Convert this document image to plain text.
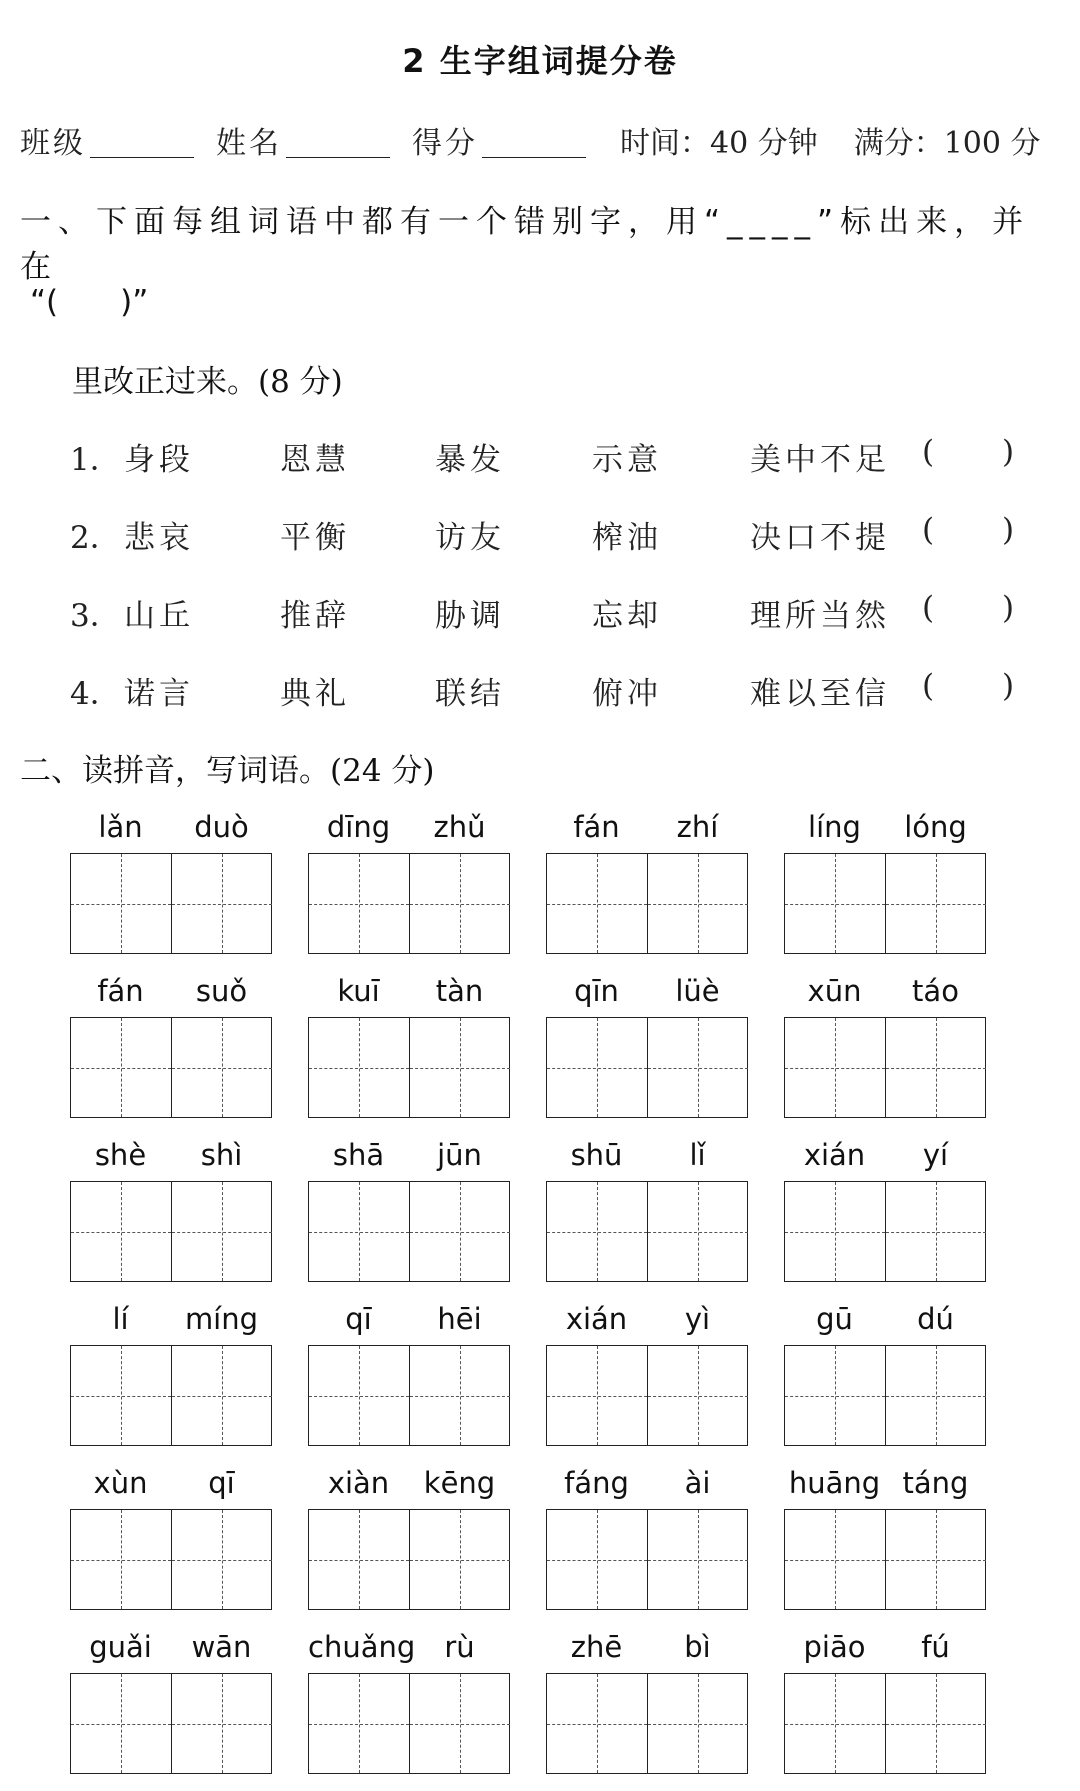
2 生字组词提分卷
班级	姓名	得分	时间：40 分钟 满分：100 分
一、下面每组词语中都有一个错别字，用“____”标出来，并在
“(　　)”
里改正过来。(8 分)
1． 身段	恩慧	暴发	示意	美中不足 ( )
2． 悲哀	平衡	访友	榨油	决口不提 ( )
3． 山丘	推辞	胁调	忘却	理所当然 ( )
4． 诺言	典礼	联结	俯冲	难以至信 ( )
二、读拼音，写词语。(24 分)
lǎn	duò	dīng	zhǔ	fán	zhí	líng	lóng
fán	suǒ	kuī	tàn	qīn	lüè	xūn	táo
shè	shì	shā	jūn	shū	lǐ	xián	yí
lí	míng	qī	hēi	xián	yì	gū	dú
xùn	qī	xiàn	kēng	fáng	ài	huāng táng
guǎi	wān	chuǎng	rù	zhē	bì	piāo	fú
